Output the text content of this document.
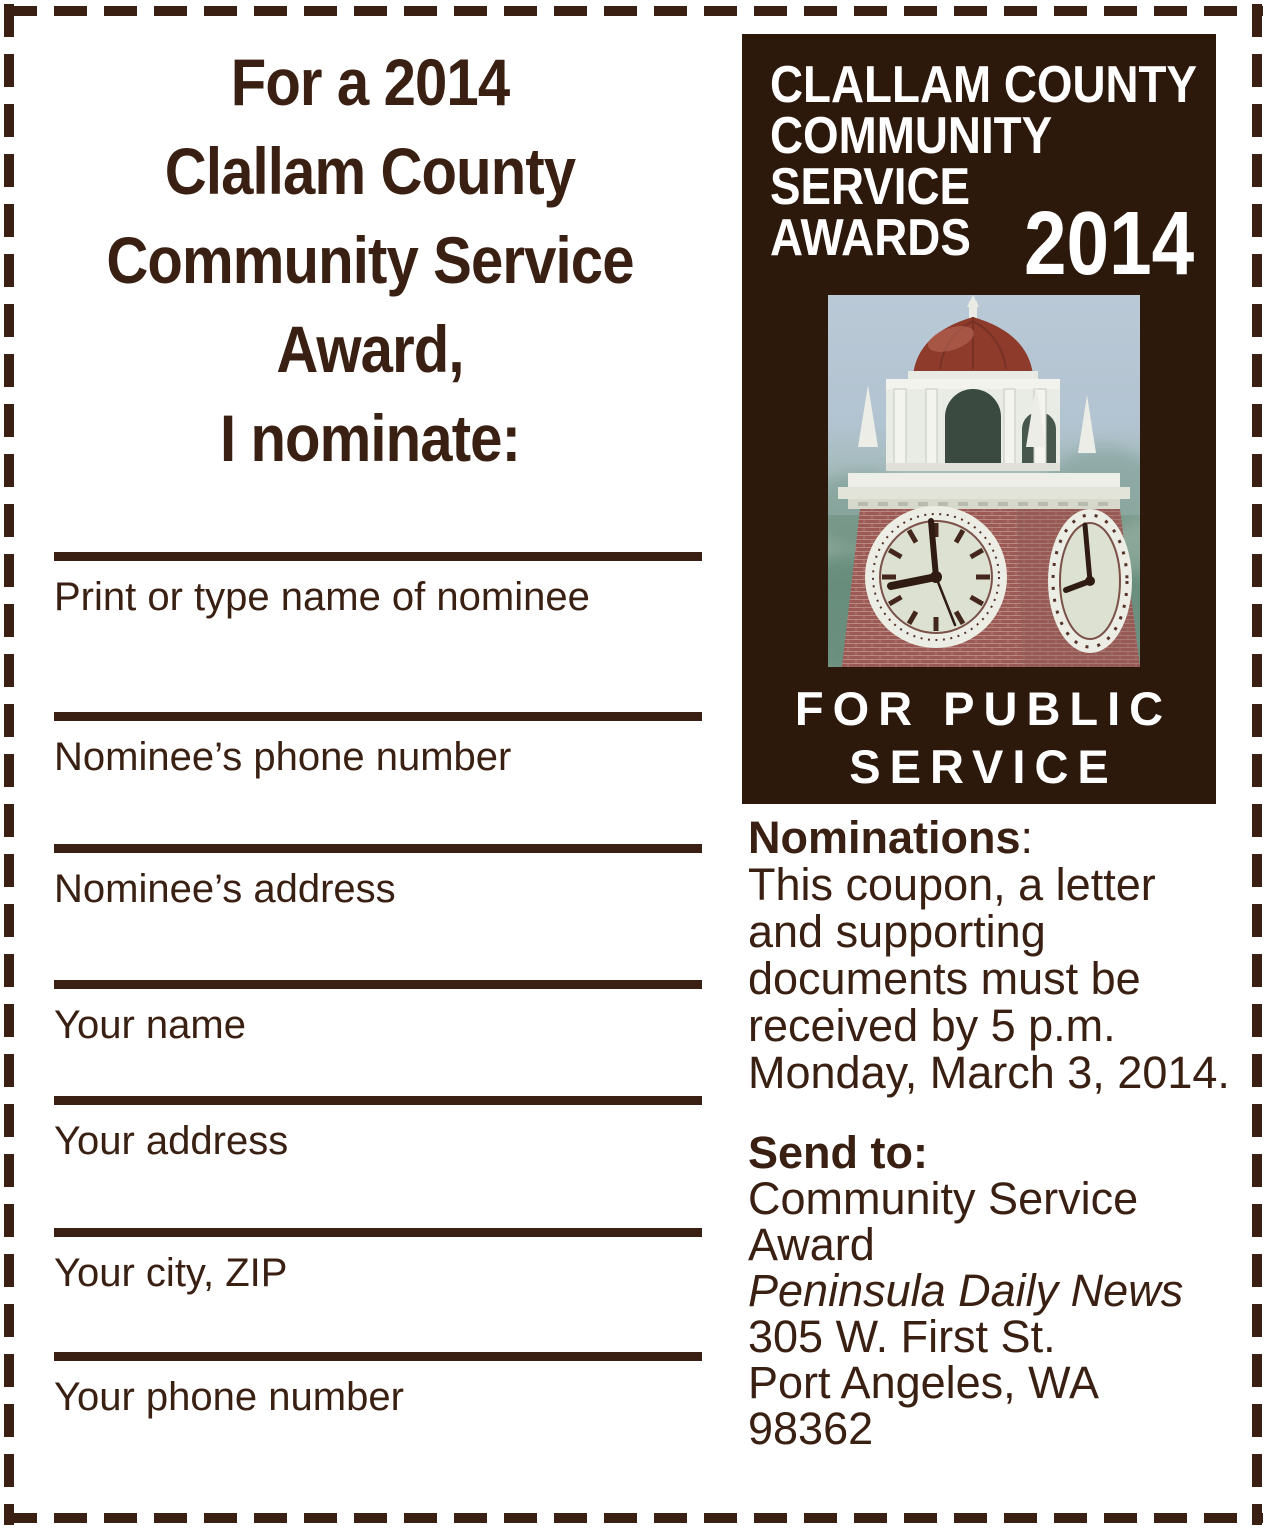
For a 2014
Clallam County
Community Service
Award,
I nominate:
Print or type name of nominee
Nominee’s phone number
Nominee’s address
Your name
Your address
Your city, ZIP
Your phone number
CLALLAM COUNTY
COMMUNITY
SERVICE
AWARDS 2014
FOR PUBLIC
SERVICE
Nominations:
This coupon, a letter
and supporting
documents must be
received by 5 p.m.
Monday, March 3, 2014.
Send to:
Community Service
Award
Peninsula Daily News
305 W. First St.
Port Angeles, WA
98362
